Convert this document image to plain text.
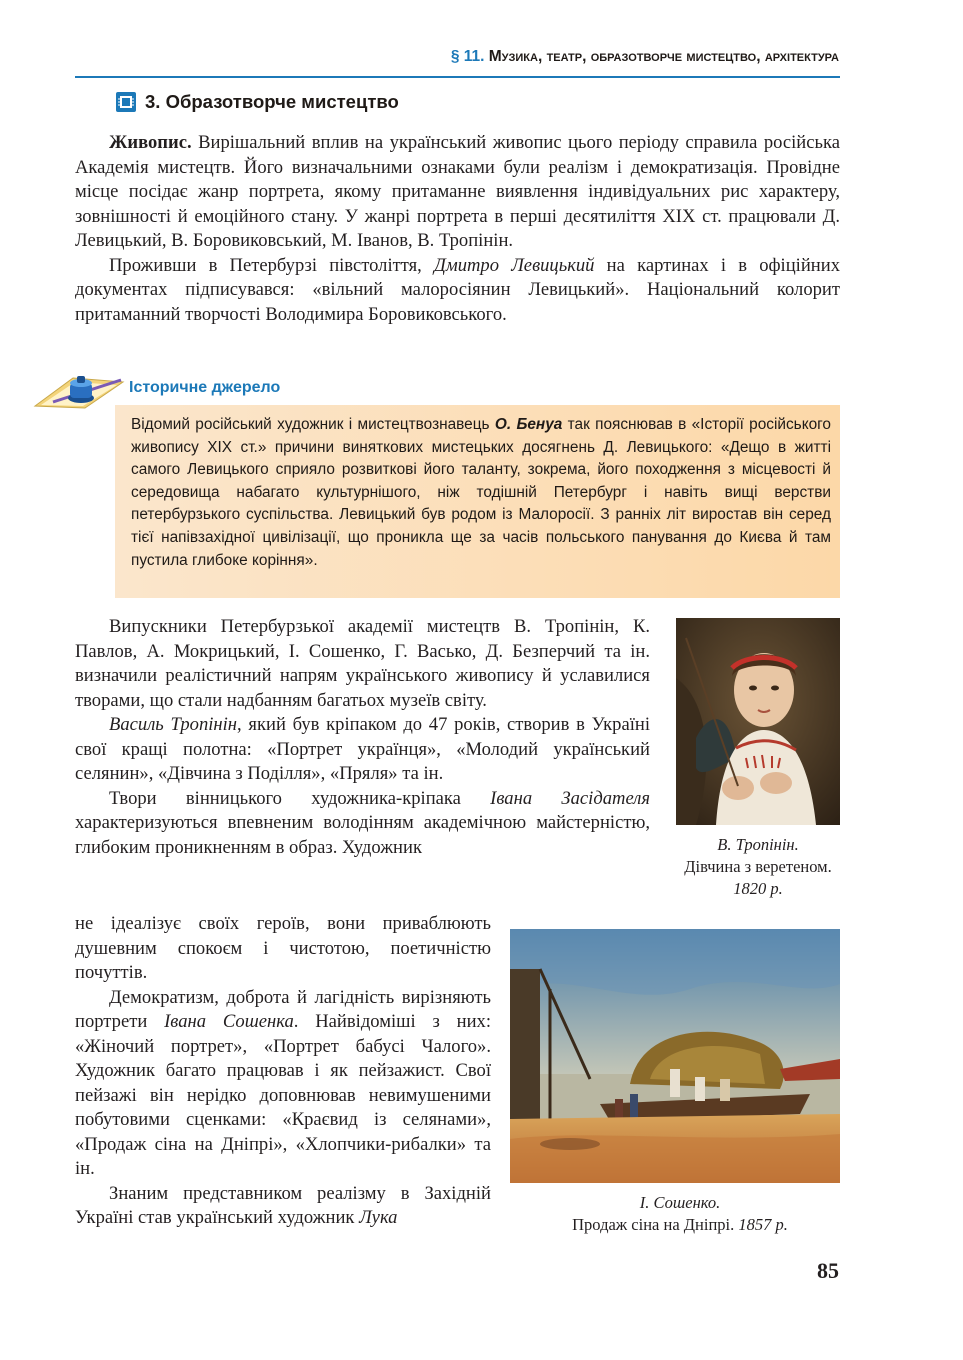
§ 11. Музика, театр, образотворче мистецтво, архітектура
3. Образотворче мистецтво

Живопис. Вирішальний вплив на український живопис цього періоду справила російська Академія мистецтв. Його визначальними ознаками були реалізм і демократизація. Провідне місце посідає жанр портрета, якому притаманне виявлення індивідуальних рис характеру, зовнішності й емоційного стану. У жанрі портрета в перші десятиліття XIX ст. працювали Д. Левицький, В. Боровиковський, М. Іванов, В. Тропінін.

Проживши в Петербурзі півстоліття, Дмитро Левицький на картинах і в офіційних документах підписувався: «вільний малоросіянин Левицький». Національний колорит притаманний творчості Володимира Боровиковського.

Історичне джерело
Відомий російський художник і мистецтвознавець О. Бенуа так пояснював в «Історії російського живопису XIX ст.» причини виняткових мистецьких досягнень Д. Левицького: «Дещо в житті самого Левицького сприяло розвиткові його таланту, зокрема, його походження з місцевості й середовища набагато культурнішого, ніж тодішній Петербург і навіть вищі верстви петербурзького суспільства. Левицький був родом із Малоросії. З ранніх літ виростав він серед тієї напівзахідної цивілізації, що проникла ще за часів польського панування до Києва й там пустила глибоке коріння».

Випускники Петербурзької академії мистецтв В. Тропінін, К. Павлов, А. Мокрицький, І. Сошенко, Г. Васько, Д. Безперчий та ін. визначили реалістичний напрям українського живопису й уславилися творами, що стали надбанням багатьох музеїв світу.

Василь Тропінін, який був кріпаком до 47 років, створив в Україні свої кращі полотна: «Портрет українця», «Молодий український селянин», «Дівчина з Поділля», «Пряля» та ін.

Твори вінницького художника-кріпака Івана Засідателя характеризуються впевненим володінням академічною майстерністю, глибоким проникненням в образ. Художник

не ідеалізує своїх героїв, вони приваблюють душевним спокоєм і чистотою, поетичністю почуттів.

Демократизм, доброта й лагідність вирізняють портрети Івана Сошенка. Найвідоміші з них: «Жіночий портрет», «Портрет бабусі Чалого». Художник багато працював і як пейзажист. Свої пейзажі він нерідко доповнював невимушеними побутовими сценками: «Краєвид із селянами», «Продаж сіна на Дніпрі», «Хлопчики-рибалки» та ін.

Знаним представником реалізму в Західній Україні став український художник Лука

В. Тропінін.
Дівчина з веретеном. 1820 р.
І. Сошенко.
Продаж сіна на Дніпрі. 1857 р.
85
